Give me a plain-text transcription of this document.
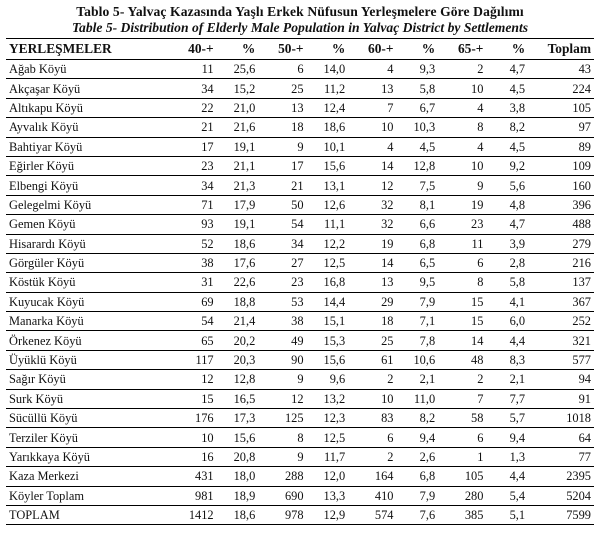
Tablo 5- Yalvaç Kazasında Yaşlı Erkek Nüfusun Yerleşmelere Göre Dağılımı
Table 5- Distribution of Elderly Male Population in Yalvaç District by Settlements
YERLEŞMELER	40-+	%	50-+	%	60-+	%	65-+	%	Toplam
Ağab Köyü	11	25,6	6	14,0	4	9,3	2	4,7	43
Akçaşar Köyü	34	15,2	25	11,2	13	5,8	10	4,5	224
Altıkapu Köyü	22	21,0	13	12,4	7	6,7	4	3,8	105
Ayvalık Köyü	21	21,6	18	18,6	10	10,3	8	8,2	97
Bahtiyar Köyü	17	19,1	9	10,1	4	4,5	4	4,5	89
Eğirler Köyü	23	21,1	17	15,6	14	12,8	10	9,2	109
Elbengi Köyü	34	21,3	21	13,1	12	7,5	9	5,6	160
Gelegelmi Köyü	71	17,9	50	12,6	32	8,1	19	4,8	396
Gemen Köyü	93	19,1	54	11,1	32	6,6	23	4,7	488
Hisarardı Köyü	52	18,6	34	12,2	19	6,8	11	3,9	279
Görgüler Köyü	38	17,6	27	12,5	14	6,5	6	2,8	216
Köstük Köyü	31	22,6	23	16,8	13	9,5	8	5,8	137
Kuyucak Köyü	69	18,8	53	14,4	29	7,9	15	4,1	367
Manarka Köyü	54	21,4	38	15,1	18	7,1	15	6,0	252
Örkenez Köyü	65	20,2	49	15,3	25	7,8	14	4,4	321
Üyüklü Köyü	117	20,3	90	15,6	61	10,6	48	8,3	577
Sağır Köyü	12	12,8	9	9,6	2	2,1	2	2,1	94
Surk Köyü	15	16,5	12	13,2	10	11,0	7	7,7	91
Sücüllü Köyü	176	17,3	125	12,3	83	8,2	58	5,7	1018
Terziler Köyü	10	15,6	8	12,5	6	9,4	6	9,4	64
Yarıkkaya Köyü	16	20,8	9	11,7	2	2,6	1	1,3	77
Kaza Merkezi	431	18,0	288	12,0	164	6,8	105	4,4	2395
Köyler Toplam	981	18,9	690	13,3	410	7,9	280	5,4	5204
TOPLAM	1412	18,6	978	12,9	574	7,6	385	5,1	7599
